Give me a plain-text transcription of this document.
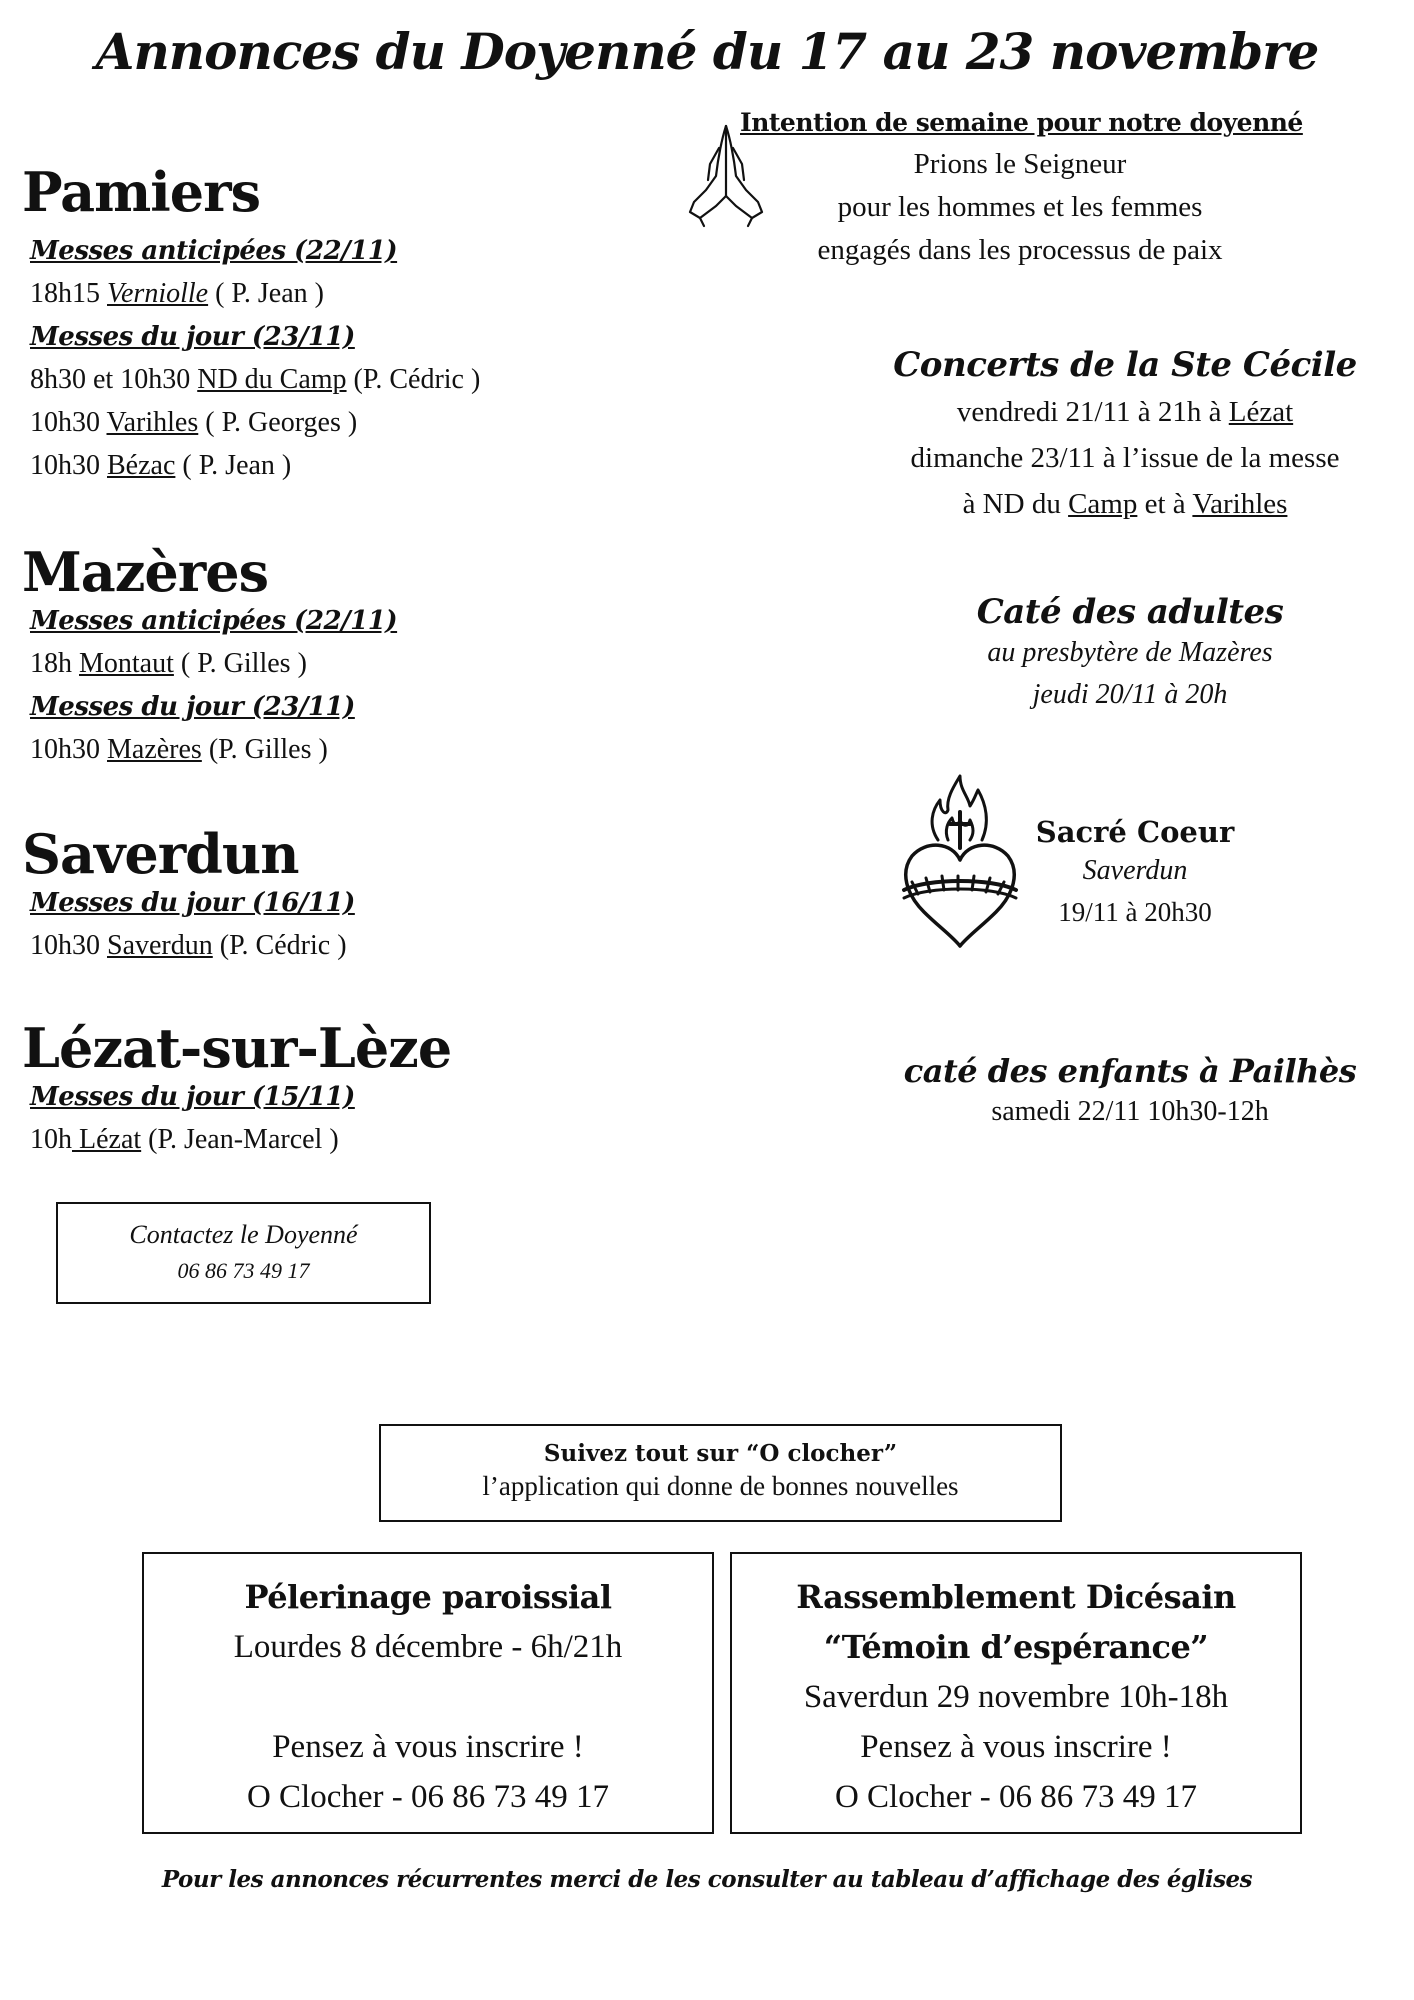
Annonces du Doyenné du 17 au 23 novembre
Intention de semaine pour notre doyenné
Prions le Seigneur
pour les hommes et les femmes
engagés dans les processus de paix
Pamiers
Messes anticipées (22/11)
18h15 Verniolle ( P. Jean )
Messes du jour (23/11)
8h30 et 10h30 ND du Camp (P. Cédric )
10h30 Varihles ( P. Georges )
10h30 Bézac ( P. Jean )
Mazères
Messes anticipées (22/11)
18h Montaut ( P. Gilles )
Messes du jour (23/11)
10h30 Mazères (P. Gilles )
Saverdun
Messes du jour (16/11)
10h30 Saverdun (P. Cédric )
Lézat-sur-Lèze
Messes du jour (15/11)
10h Lézat (P. Jean-Marcel )
Contactez le Doyenné
06 86 73 49 17
Concerts de la Ste Cécile
vendredi 21/11 à 21h à Lézat
dimanche 23/11 à l’issue de la messe
à ND du Camp et à Varihles
Caté des adultes
au presbytère de Mazères
jeudi 20/11 à 20h
Sacré Coeur
Saverdun
19/11 à 20h30
caté des enfants à Pailhès
samedi 22/11 10h30-12h
Suivez tout sur “O clocher”
l’application qui donne de bonnes nouvelles
Pélerinage paroissial
Lourdes 8 décembre - 6h/21h
Pensez à vous inscrire !
O Clocher - 06 86 73 49 17
Rassemblement Dicésain
“Témoin d’espérance”
Saverdun 29 novembre 10h-18h
Pensez à vous inscrire !
O Clocher - 06 86 73 49 17
Pour les annonces récurrentes merci de les consulter au tableau d’affichage des églises
